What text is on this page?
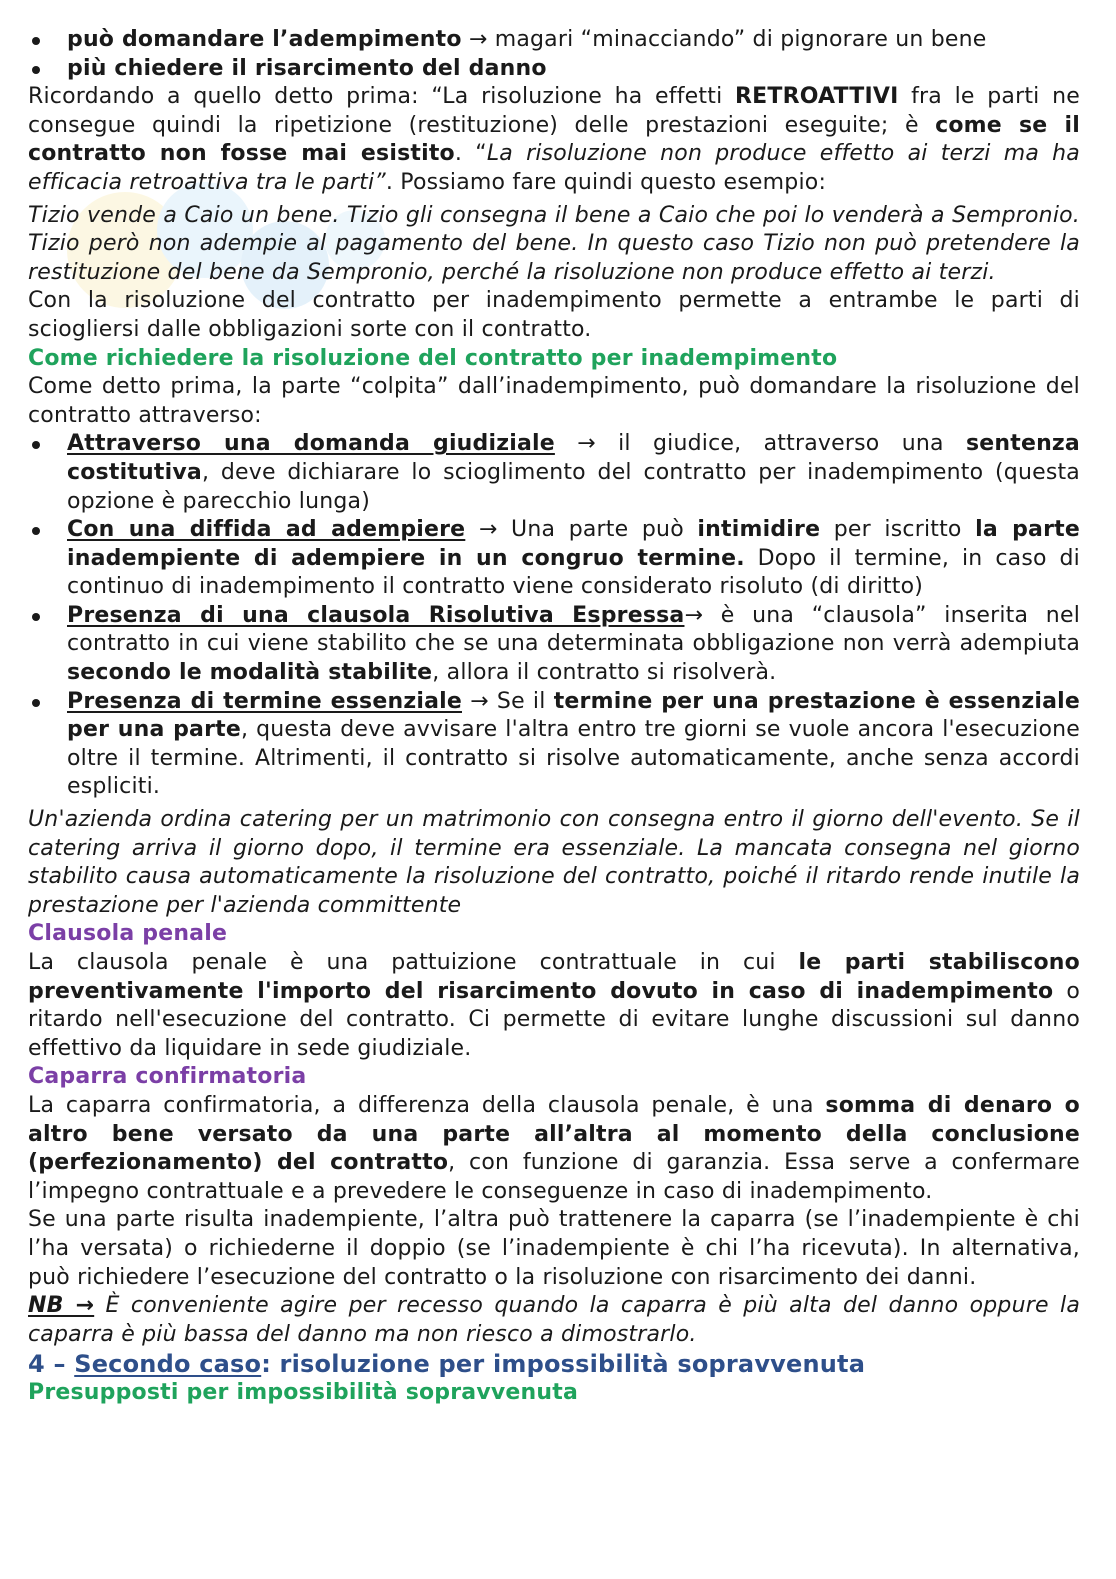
può domandare l’adempimento → magari “minacciando” di pignorare un bene
più chiedere il risarcimento del danno

Ricordando a quello detto prima: “La risoluzione ha effetti RETROATTIVI fra le parti ne consegue quindi la ripetizione (restituzione) delle prestazioni eseguite; è come se il contratto non fosse mai esistito. “La risoluzione non produce effetto ai terzi ma ha efficacia retroattiva tra le parti”. Possiamo fare quindi questo esempio:

Tizio vende a Caio un bene. Tizio gli consegna il bene a Caio che poi lo venderà a Sempronio. Tizio però non adempie al pagamento del bene. In questo caso Tizio non può pretendere la restituzione del bene da Sempronio, perché la risoluzione non produce effetto ai terzi.

Con la risoluzione del contratto per inadempimento permette a entrambe le parti di sciogliersi dalle obbligazioni sorte con il contratto.

Come richiedere la risoluzione del contratto per inadempimento

Come detto prima, la parte “colpita” dall’inadempimento, può domandare la risoluzione del contratto attraverso:

Attraverso una domanda giudiziale → il giudice, attraverso una sentenza costitutiva, deve dichiarare lo scioglimento del contratto per inadempimento (questa opzione è parecchio lunga)
Con una diffida ad adempiere → Una parte può intimidire per iscritto la parte inadempiente di adempiere in un congruo termine. Dopo il termine, in caso di continuo di inadempimento il contratto viene considerato risoluto (di diritto)
Presenza di una clausola Risolutiva Espressa→ è una “clausola” inserita nel contratto in cui viene stabilito che se una determinata obbligazione non verrà adempiuta secondo le modalità stabilite, allora il contratto si risolverà.
Presenza di termine essenziale → Se il termine per una prestazione è essenziale per una parte, questa deve avvisare l'altra entro tre giorni se vuole ancora l'esecuzione oltre il termine. Altrimenti, il contratto si risolve automaticamente, anche senza accordi espliciti.

Un'azienda ordina catering per un matrimonio con consegna entro il giorno dell'evento. Se il catering arriva il giorno dopo, il termine era essenziale. La mancata consegna nel giorno stabilito causa automaticamente la risoluzione del contratto, poiché il ritardo rende inutile la prestazione per l'azienda committente

Clausola penale

La clausola penale è una pattuizione contrattuale in cui le parti stabiliscono preventivamente l'importo del risarcimento dovuto in caso di inadempimento o ritardo nell'esecuzione del contratto. Ci permette di evitare lunghe discussioni sul danno effettivo da liquidare in sede giudiziale.

Caparra confirmatoria

La caparra confirmatoria, a differenza della clausola penale, è una somma di denaro o altro bene versato da una parte all’altra al momento della conclusione (perfezionamento) del contratto, con funzione di garanzia. Essa serve a confermare l’impegno contrattuale e a prevedere le conseguenze in caso di inadempimento.

Se una parte risulta inadempiente, l’altra può trattenere la caparra (se l’inadempiente è chi l’ha versata) o richiederne il doppio (se l’inadempiente è chi l’ha ricevuta). In alternativa, può richiedere l’esecuzione del contratto o la risoluzione con risarcimento dei danni.

NB → È conveniente agire per recesso quando la caparra è più alta del danno oppure la caparra è più bassa del danno ma non riesco a dimostrarlo.

4 – Secondo caso: risoluzione per impossibilità sopravvenuta

Presupposti per impossibilità sopravvenuta
